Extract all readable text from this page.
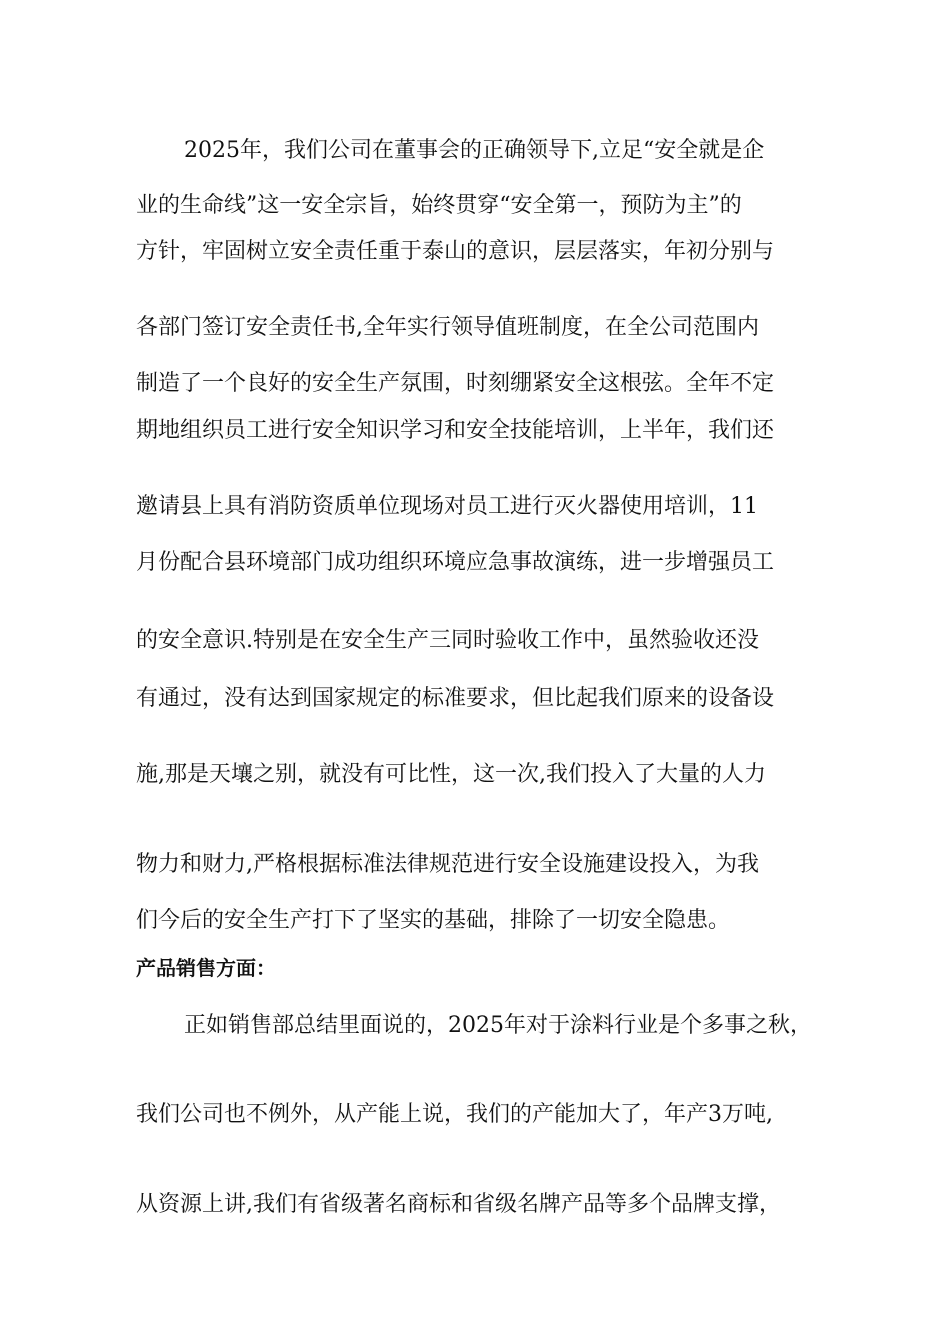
2025年，我们公司在董事会的正确领导下,立足“安全就是企
业的生命线”这一安全宗旨，始终贯穿“安全第一，预防为主”的
方针，牢固树立安全责任重于泰山的意识，层层落实，年初分别与
各部门签订安全责任书,全年实行领导值班制度，在全公司范围内
制造了一个良好的安全生产氛围，时刻绷紧安全这根弦。全年不定
期地组织员工进行安全知识学习和安全技能培训，上半年，我们还
邀请县上具有消防资质单位现场对员工进行灭火器使用培训，11
月份配合县环境部门成功组织环境应急事故演练，进一步增强员工
的安全意识.特别是在安全生产三同时验收工作中，虽然验收还没
有通过，没有达到国家规定的标准要求，但比起我们原来的设备设
施,那是天壤之别，就没有可比性，这一次,我们投入了大量的人力
物力和财力,严格根据标准法律规范进行安全设施建设投入，为我
们今后的安全生产打下了坚实的基础，排除了一切安全隐患。
产品销售方面：
正如销售部总结里面说的，2025年对于涂料行业是个多事之秋，
我们公司也不例外，从产能上说，我们的产能加大了，年产3万吨,
从资源上讲,我们有省级著名商标和省级名牌产品等多个品牌支撑，
